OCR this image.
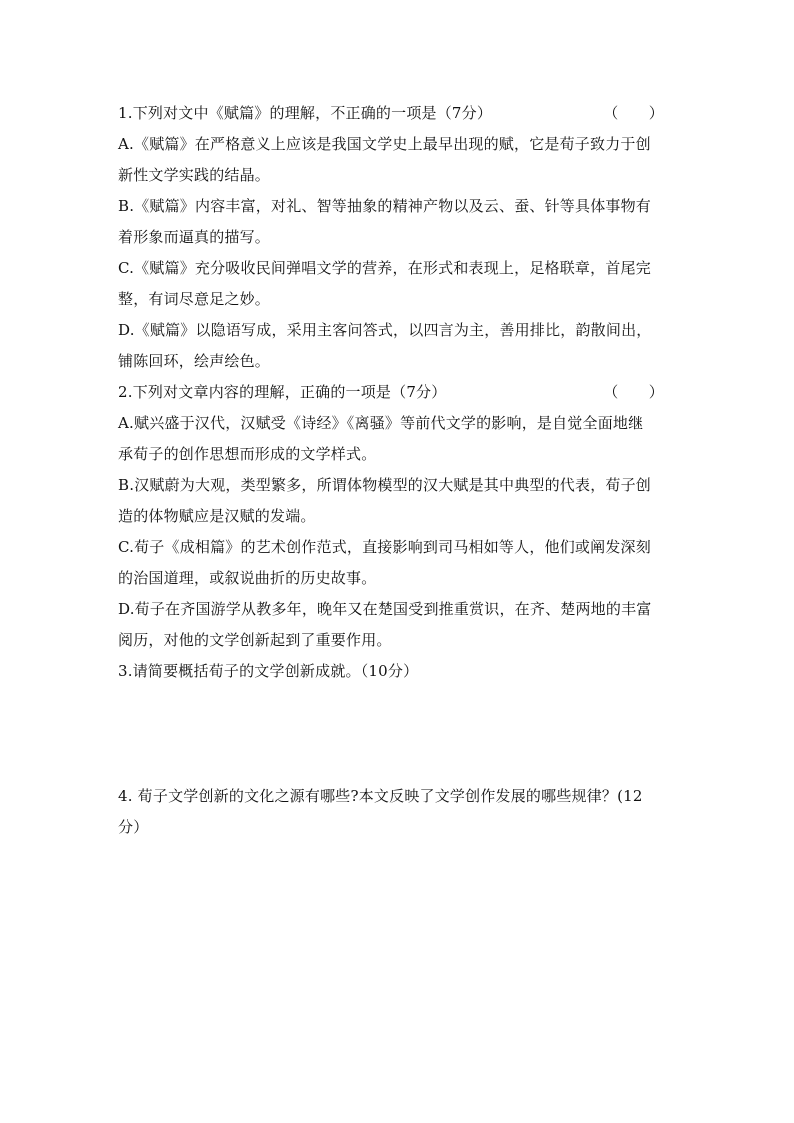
1.下列对文中《赋篇》的理解，不正确的一项是（7分）	（　　）
A.《赋篇》在严格意义上应该是我国文学史上最早出现的赋，它是荀子致力于创
新性文学实践的结晶。
B.《赋篇》内容丰富，对礼、智等抽象的精神产物以及云、蚕、针等具体事物有
着形象而逼真的描写。
C.《赋篇》充分吸收民间弹唱文学的营养，在形式和表现上，足格联章，首尾完
整，有词尽意足之妙。
D.《赋篇》以隐语写成，采用主客问答式，以四言为主，善用排比，韵散间出，
铺陈回环，绘声绘色。
2.下列对文章内容的理解，正确的一项是（7分）	（　　）
A.赋兴盛于汉代，汉赋受《诗经》《离骚》等前代文学的影响，是自觉全面地继
承荀子的创作思想而形成的文学样式。
B.汉赋蔚为大观，类型繁多，所谓体物模型的汉大赋是其中典型的代表，荀子创
造的体物赋应是汉赋的发端。
C.荀子《成相篇》的艺术创作范式，直接影响到司马相如等人，他们或阐发深刻
的治国道理，或叙说曲折的历史故事。
D.荀子在齐国游学从教多年，晚年又在楚国受到推重赏识，在齐、楚两地的丰富
阅历，对他的文学创新起到了重要作用。
3.请简要概括荀子的文学创新成就。（10分）
4. 荀子文学创新的文化之源有哪些?本文反映了文学创作发展的哪些规律？(12
分）
